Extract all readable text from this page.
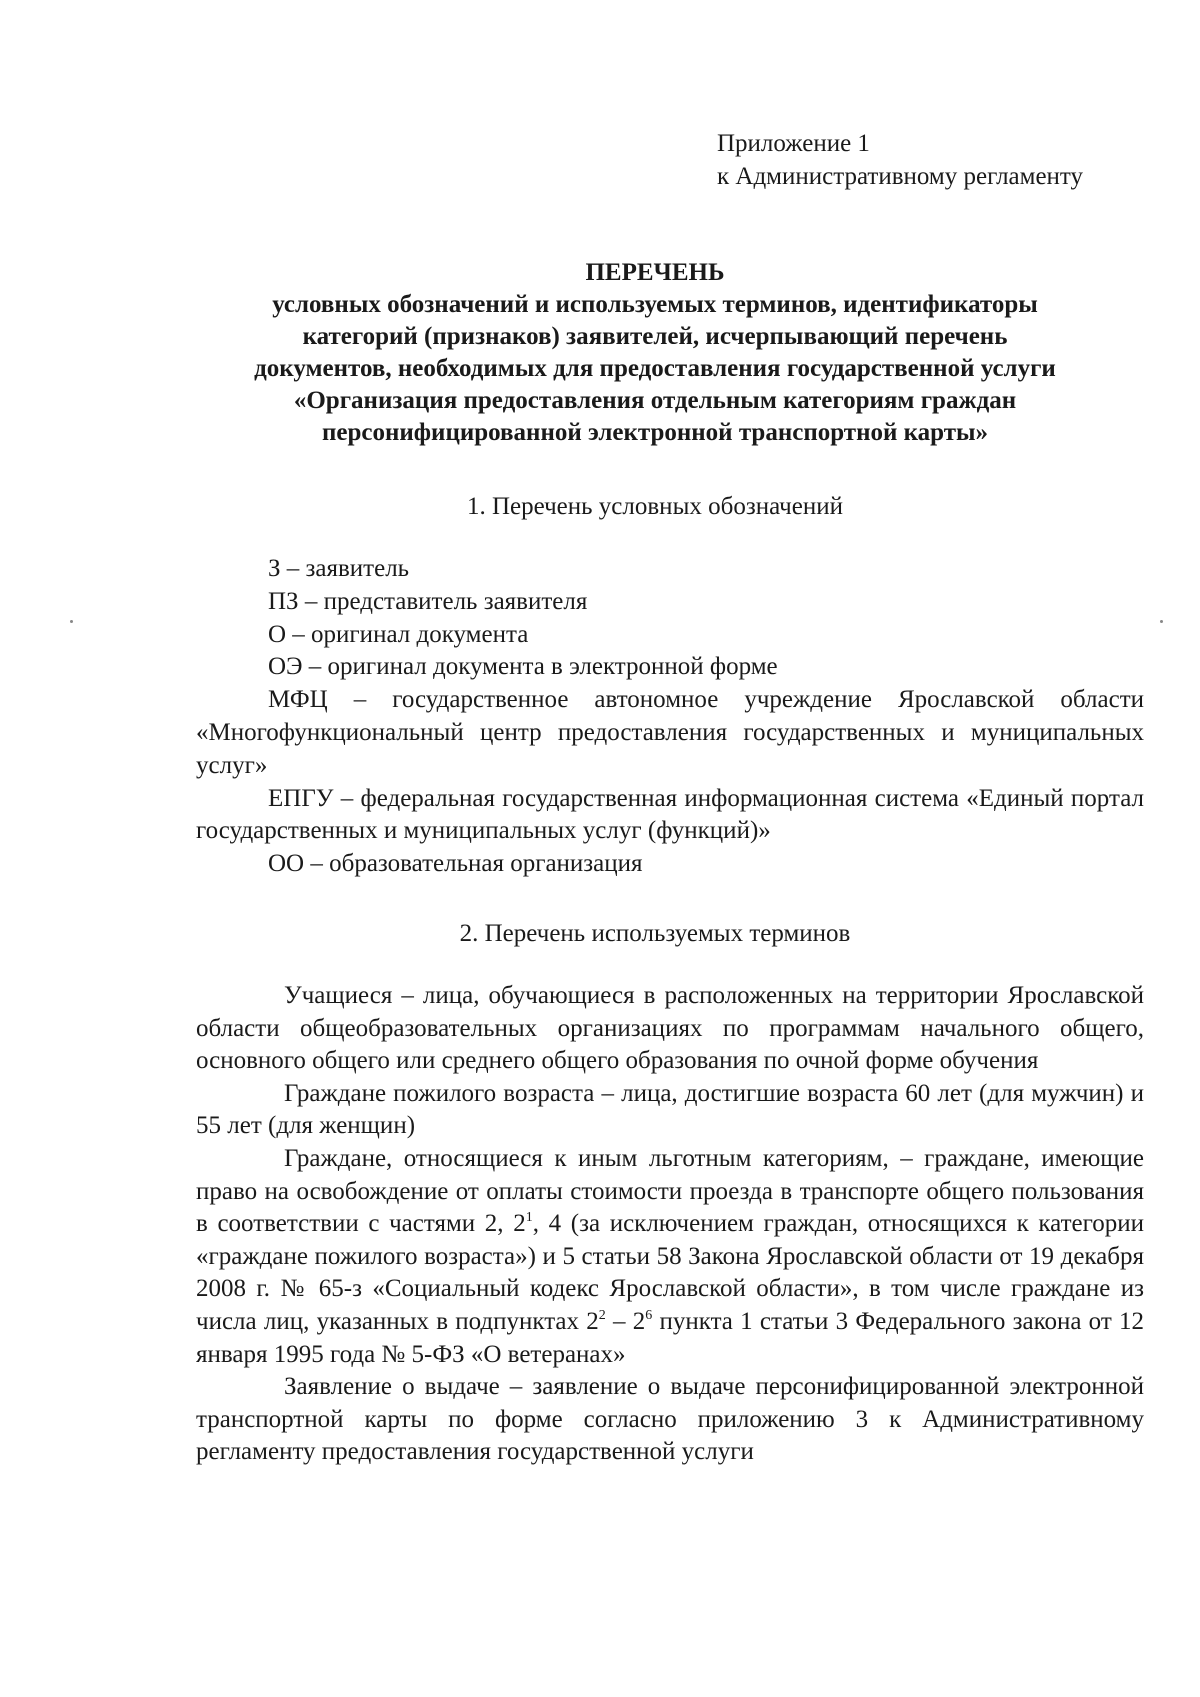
Приложение 1
к Административному регламенту
ПЕРЕЧЕНЬ
условных обозначений и используемых терминов, идентификаторы
категорий (признаков) заявителей, исчерпывающий перечень
документов, необходимых для предоставления государственной услуги
«Организация предоставления отдельным категориям граждан
персонифицированной электронной транспортной карты»
1. Перечень условных обозначений

З – заявитель

ПЗ – представитель заявителя

О – оригинал документа

ОЭ – оригинал документа в электронной форме

МФЦ – государственное автономное учреждение Ярославской области «Многофункциональный центр предоставления государственных и муниципальных услуг»

ЕПГУ – федеральная государственная информационная система «Единый портал государственных и муниципальных услуг (функций)»

ОО – образовательная организация

2. Перечень используемых терминов

Учащиеся – лица, обучающиеся в расположенных на территории Ярославской области общеобразовательных организациях по программам начального общего, основного общего или среднего общего образования по очной форме обучения

Граждане пожилого возраста – лица, достигшие возраста 60 лет (для мужчин) и 55 лет (для женщин)

Граждане, относящиеся к иным льготным категориям, – граждане, имеющие право на освобождение от оплаты стоимости проезда в транспорте общего пользования в соответствии с частями 2, $2^1$, 4 (за исключением граждан, относящихся к категории «граждане пожилого возраста») и 5 статьи 58 Закона Ярославской области от 19 декабря 2008 г. № 65-з «Социальный кодекс Ярославской области», в том числе граждане из числа лиц, указанных в подпунктах $2^2 - 2^6$ пункта 1 статьи 3 Федерального закона от 12 января 1995 года № 5-ФЗ «О ветеранах»

Заявление о выдаче – заявление о выдаче персонифицированной электронной транспортной карты по форме согласно приложению 3 к Административному регламенту предоставления государственной услуги
